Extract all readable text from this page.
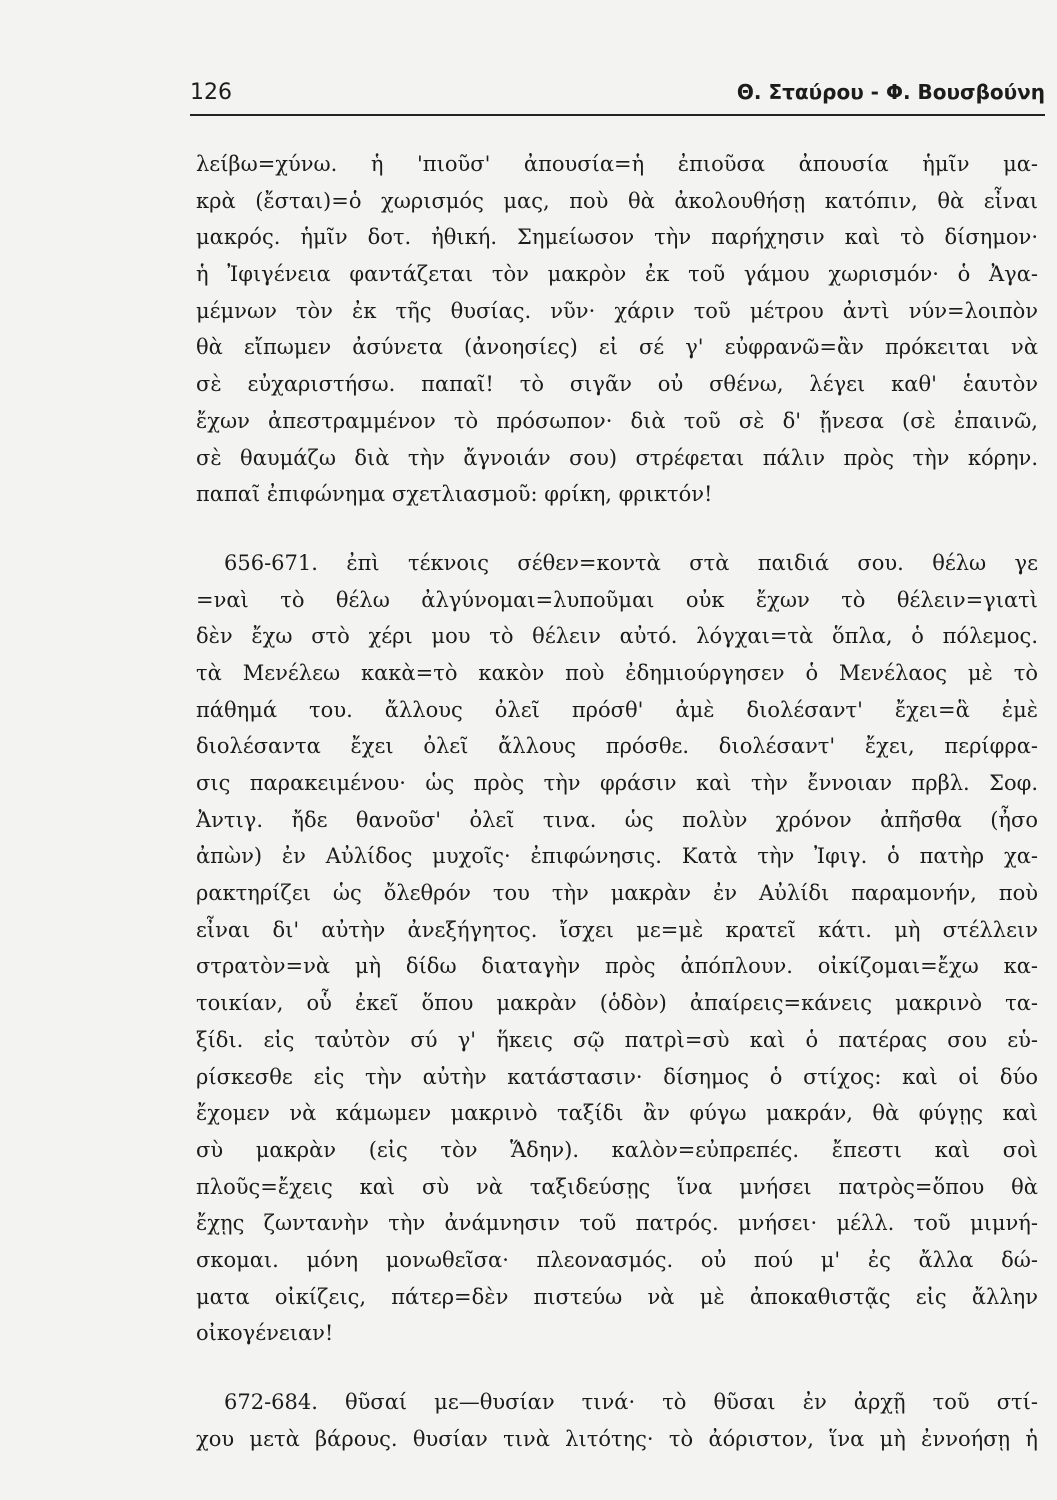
126	Θ. Σταύρου - Φ. Βουσβούνη
λείβω=χύνω. ἡ 'πιοῦσ' ἀπουσία=ἡ ἐπιοῦσα ἀπουσία ἡμῖν μα-
κρὰ (ἔσται)=ὁ χωρισμός μας, ποὺ θὰ ἀκολουθήσῃ κατόπιν, θὰ εἶναι
μακρός. ἡμῖν δοτ. ἠθική. Σημείωσον τὴν παρήχησιν καὶ τὸ δίσημον·
ἡ Ἰφιγένεια φαντάζεται τὸν μακρὸν ἐκ τοῦ γάμου χωρισμόν· ὁ Ἀγα-
μέμνων τὸν ἐκ τῆς θυσίας. νῦν· χάριν τοῦ μέτρου ἀντὶ νύν=λοιπὸν
θὰ εἴπωμεν ἀσύνετα (ἀνοησίες) εἰ σέ γ' εὐφρανῶ=ἂν πρόκειται νὰ
σὲ εὐχαριστήσω. παπαῖ! τὸ σιγᾶν οὐ σθένω, λέγει καθ' ἑαυτὸν
ἔχων ἀπεστραμμένον τὸ πρόσωπον· διὰ τοῦ σὲ δ' ᾔνεσα (σὲ ἐπαινῶ,
σὲ θαυμάζω διὰ τὴν ἄγνοιάν σου) στρέφεται πάλιν πρὸς τὴν κόρην.
παπαῖ ἐπιφώνημα σχετλιασμοῦ: φρίκη, φρικτόν!
656-671. ἐπὶ τέκνοις σέθεν=κοντὰ στὰ παιδιά σου. θέλω γε
=ναὶ τὸ θέλω ἀλγύνομαι=λυποῦμαι οὐκ ἔχων τὸ θέλειν=γιατὶ
δὲν ἔχω στὸ χέρι μου τὸ θέλειν αὐτό. λόγχαι=τὰ ὅπλα, ὁ πόλεμος.
τὰ Μενέλεω κακὰ=τὸ κακὸν ποὺ ἐδημιούργησεν ὁ Μενέλαος μὲ τὸ
πάθημά του. ἄλλους ὀλεῖ πρόσθ' ἀμὲ διολέσαντ' ἔχει=ἃ ἐμὲ
διολέσαντα ἔχει ὀλεῖ ἄλλους πρόσθε. διολέσαντ' ἔχει, περίφρα-
σις παρακειμένου· ὡς πρὸς τὴν φράσιν καὶ τὴν ἔννοιαν πρβλ. Σοφ.
Ἀντιγ. ἤδε θανοῦσ' ὀλεῖ τινα. ὡς πολὺν χρόνον ἀπῆσθα (ἦσο
ἀπὼν) ἐν Αὐλίδος μυχοῖς· ἐπιφώνησις. Κατὰ τὴν Ἰφιγ. ὁ πατὴρ χα-
ρακτηρίζει ὡς ὄλεθρόν του τὴν μακρὰν ἐν Αὐλίδι παραμονήν, ποὺ
εἶναι δι' αὐτὴν ἀνεξήγητος. ἴσχει με=μὲ κρατεῖ κάτι. μὴ στέλλειν
στρατὸν=νὰ μὴ δίδω διαταγὴν πρὸς ἀπόπλουν. οἰκίζομαι=ἔχω κα-
τοικίαν, οὗ ἐκεῖ ὅπου μακρὰν (ὁδὸν) ἀπαίρεις=κάνεις μακρινὸ τα-
ξίδι. εἰς ταὐτὸν σύ γ' ἥκεις σῷ πατρὶ=σὺ καὶ ὁ πατέρας σου εὑ-
ρίσκεσθε εἰς τὴν αὐτὴν κατάστασιν· δίσημος ὁ στίχος: καὶ οἱ δύο
ἔχομεν νὰ κάμωμεν μακρινὸ ταξίδι ἂν φύγω μακράν, θὰ φύγῃς καὶ
σὺ μακρὰν (εἰς τὸν Ἅδην). καλὸν=εὐπρεπές. ἔπεστι καὶ σοὶ
πλοῦς=ἔχεις καὶ σὺ νὰ ταξιδεύσῃς ἵνα μνήσει πατρὸς=ὅπου θὰ
ἔχῃς ζωντανὴν τὴν ἀνάμνησιν τοῦ πατρός. μνήσει· μέλλ. τοῦ μιμνή-
σκομαι. μόνη μονωθεῖσα· πλεονασμός. οὐ πού μ' ἐς ἄλλα δώ-
ματα οἰκίζεις, πάτερ=δὲν πιστεύω νὰ μὲ ἀποκαθιστᾷς εἰς ἄλλην
οἰκογένειαν!
672-684. θῦσαί με—θυσίαν τινά· τὸ θῦσαι ἐν ἀρχῇ τοῦ στί-
χου μετὰ βάρους. θυσίαν τινὰ λιτότης· τὸ ἀόριστον, ἵνα μὴ ἐννοήσῃ ἡ
